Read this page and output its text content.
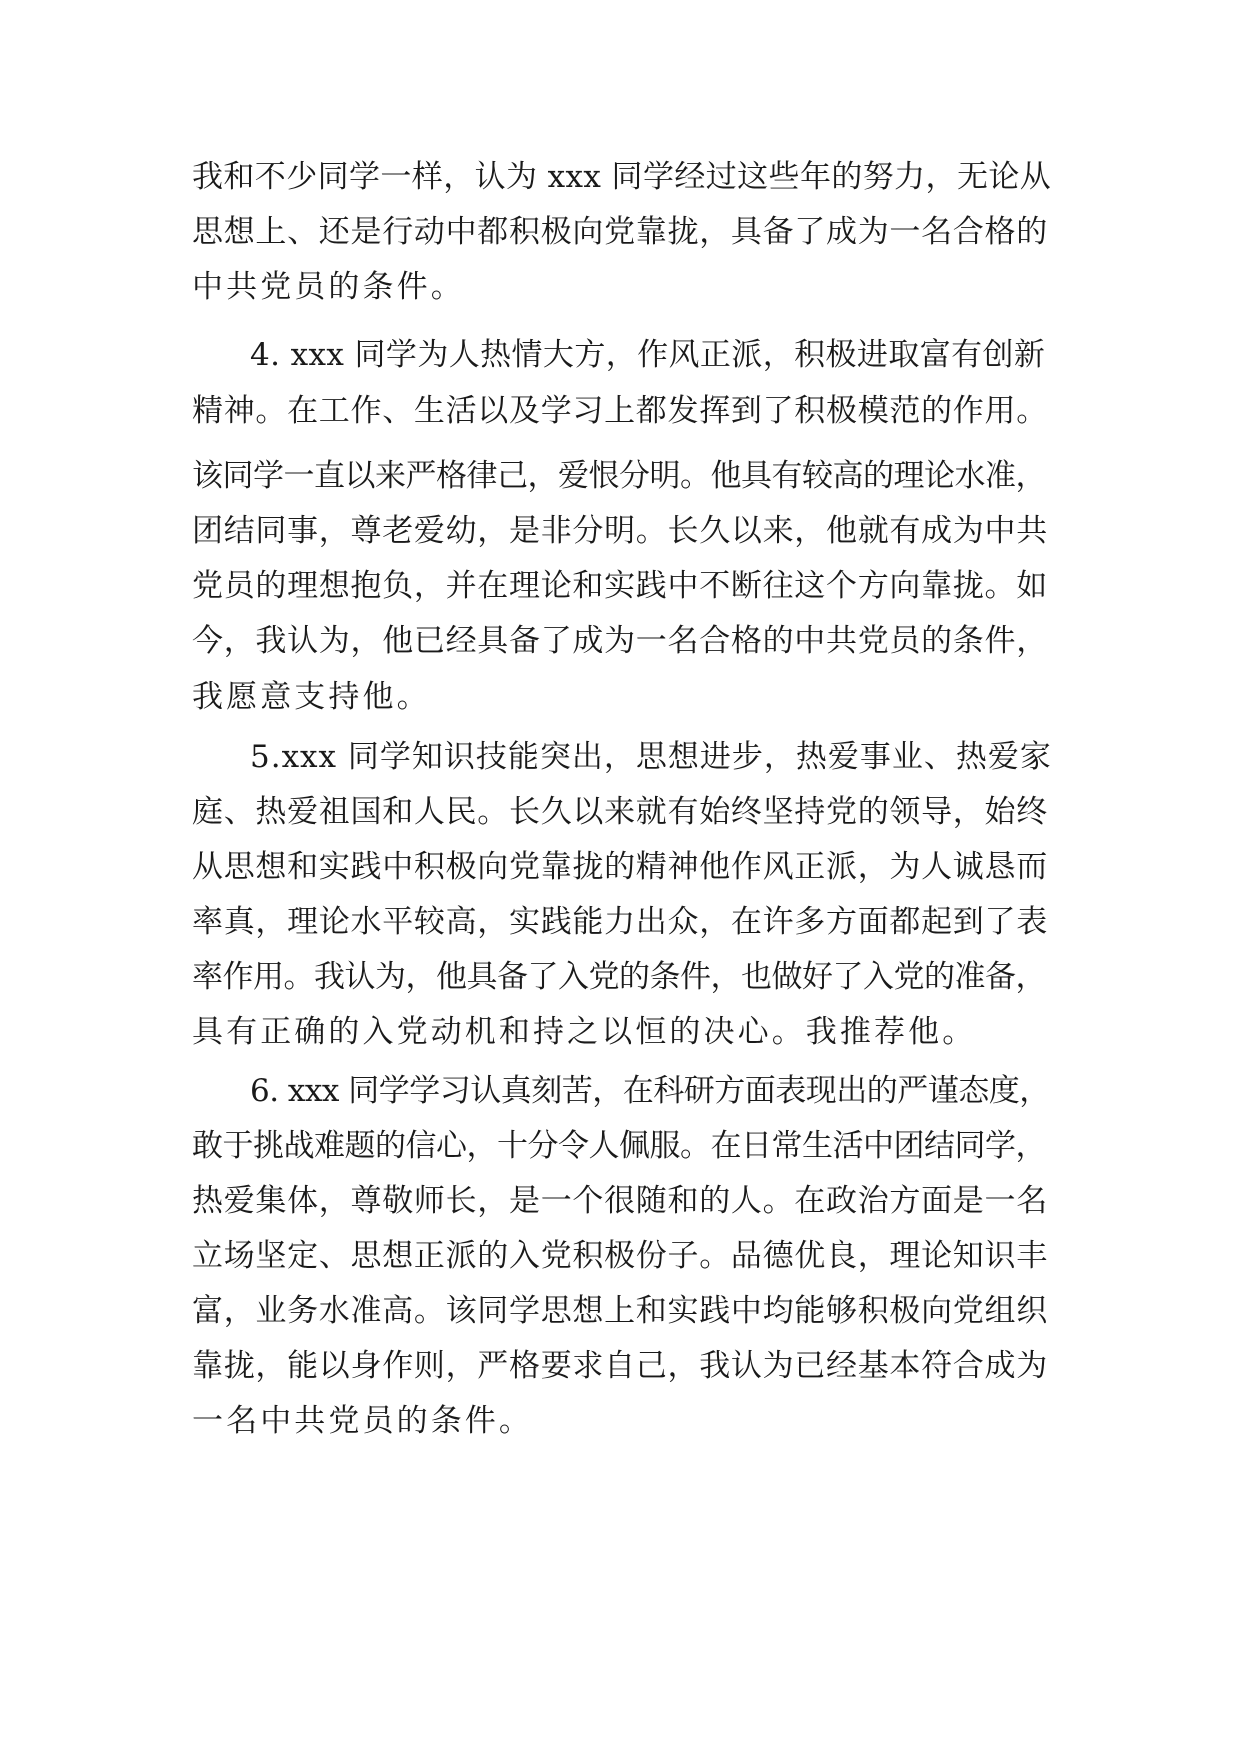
我和不少同学一样，认为 xxx 同学经过这些年的努力，无论从
思想上、还是行动中都积极向党靠拢，具备了成为一名合格的
中共党员的条件。
4. xxx 同学为人热情大方，作风正派，积极进取富有创新
精神。在工作、生活以及学习上都发挥到了积极模范的作用。
该同学一直以来严格律己，爱恨分明。他具有较高的理论水准，
团结同事，尊老爱幼，是非分明。长久以来，他就有成为中共
党员的理想抱负，并在理论和实践中不断往这个方向靠拢。如
今，我认为，他已经具备了成为一名合格的中共党员的条件，
我愿意支持他。
5.xxx 同学知识技能突出，思想进步，热爱事业、热爱家
庭、热爱祖国和人民。长久以来就有始终坚持党的领导，始终
从思想和实践中积极向党靠拢的精神他作风正派，为人诚恳而
率真，理论水平较高，实践能力出众，在许多方面都起到了表
率作用。我认为，他具备了入党的条件，也做好了入党的准备，
具有正确的入党动机和持之以恒的决心。我推荐他。
6. xxx 同学学习认真刻苦，在科研方面表现出的严谨态度，
敢于挑战难题的信心，十分令人佩服。在日常生活中团结同学，
热爱集体，尊敬师长，是一个很随和的人。在政治方面是一名
立场坚定、思想正派的入党积极份子。品德优良，理论知识丰
富，业务水准高。该同学思想上和实践中均能够积极向党组织
靠拢，能以身作则，严格要求自己，我认为已经基本符合成为
一名中共党员的条件。
